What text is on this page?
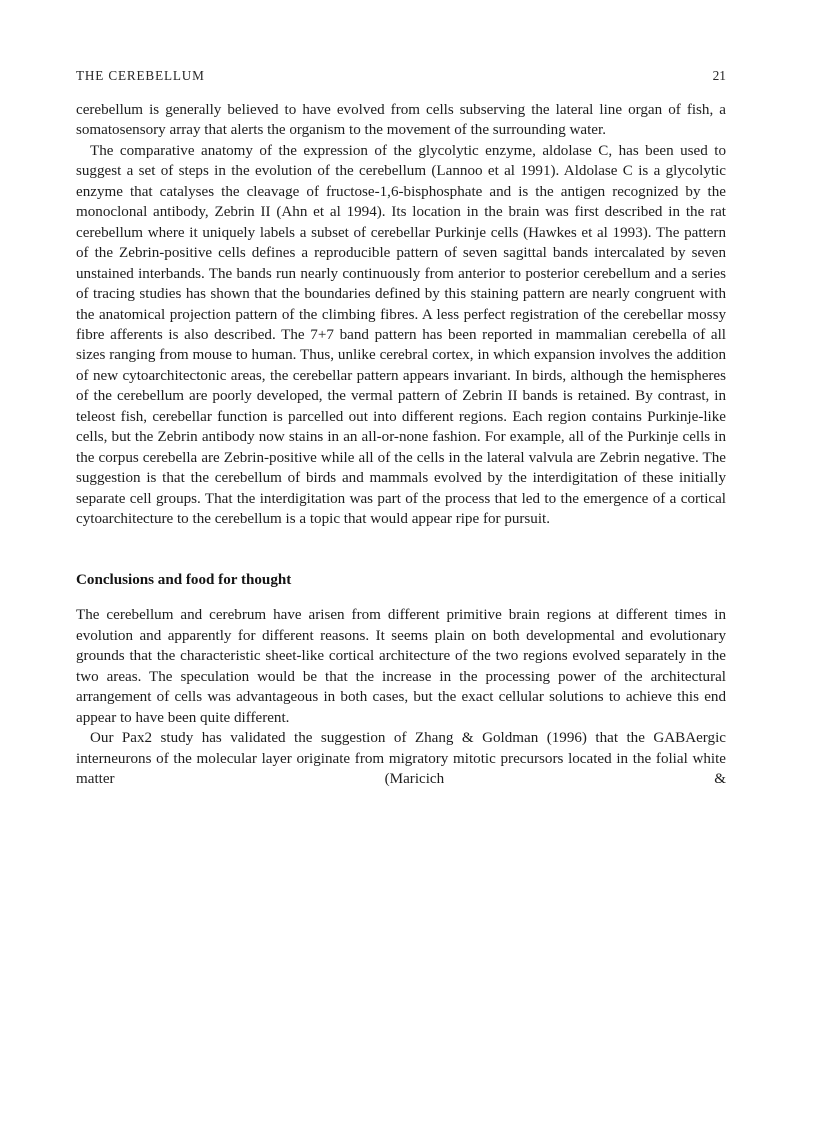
THE CEREBELLUM	21

cerebellum is generally believed to have evolved from cells subserving the lateral line organ of fish, a somatosensory array that alerts the organism to the movement of the surrounding water.

The comparative anatomy of the expression of the glycolytic enzyme, aldolase C, has been used to suggest a set of steps in the evolution of the cerebellum (Lannoo et al 1991). Aldolase C is a glycolytic enzyme that catalyses the cleavage of fructose-1,6-bisphosphate and is the antigen recognized by the monoclonal antibody, Zebrin II (Ahn et al 1994). Its location in the brain was first described in the rat cerebellum where it uniquely labels a subset of cerebellar Purkinje cells (Hawkes et al 1993). The pattern of the Zebrin-positive cells defines a reproducible pattern of seven sagittal bands intercalated by seven unstained interbands. The bands run nearly continuously from anterior to posterior cerebellum and a series of tracing studies has shown that the boundaries defined by this staining pattern are nearly congruent with the anatomical projection pattern of the climbing fibres. A less perfect registration of the cerebellar mossy fibre afferents is also described. The 7+7 band pattern has been reported in mammalian cerebella of all sizes ranging from mouse to human. Thus, unlike cerebral cortex, in which expansion involves the addition of new cytoarchitectonic areas, the cerebellar pattern appears invariant. In birds, although the hemispheres of the cerebellum are poorly developed, the vermal pattern of Zebrin II bands is retained. By contrast, in teleost fish, cerebellar function is parcelled out into different regions. Each region contains Purkinje-like cells, but the Zebrin antibody now stains in an all-or-none fashion. For example, all of the Purkinje cells in the corpus cerebella are Zebrin-positive while all of the cells in the lateral valvula are Zebrin negative. The suggestion is that the cerebellum of birds and mammals evolved by the interdigitation of these initially separate cell groups. That the interdigitation was part of the process that led to the emergence of a cortical cytoarchitecture to the cerebellum is a topic that would appear ripe for pursuit.

Conclusions and food for thought

The cerebellum and cerebrum have arisen from different primitive brain regions at different times in evolution and apparently for different reasons. It seems plain on both developmental and evolutionary grounds that the characteristic sheet-like cortical architecture of the two regions evolved separately in the two areas. The speculation would be that the increase in the processing power of the architectural arrangement of cells was advantageous in both cases, but the exact cellular solutions to achieve this end appear to have been quite different.

Our Pax2 study has validated the suggestion of Zhang & Goldman (1996) that the GABAergic interneurons of the molecular layer originate from migratory mitotic precursors located in the folial white matter (Maricich &
